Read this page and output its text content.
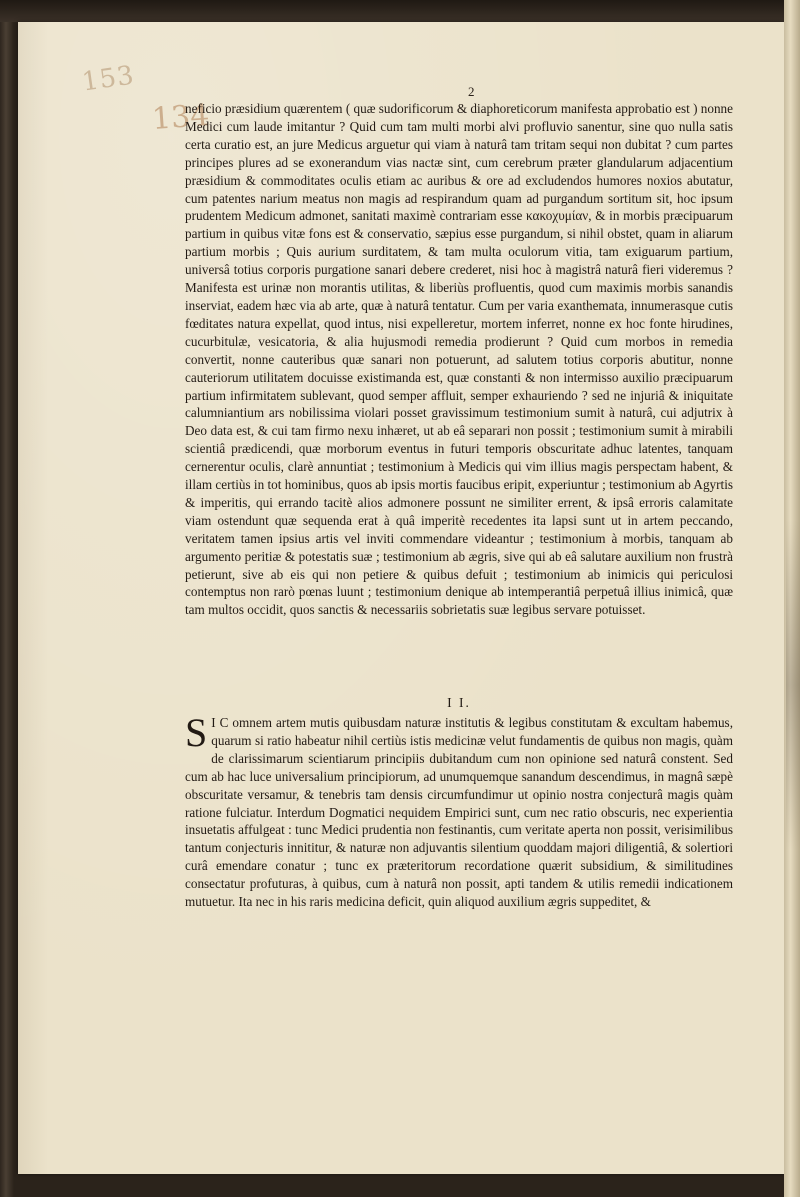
153
134
2

neficio præsidium quærentem ( quæ sudorificorum & diaphoreticorum manifesta approbatio est ) nonne Medici cum laude imitantur ? Quid cum tam multi morbi alvi profluvio sanentur, sine quo nulla satis certa curatio est, an jure Medicus arguetur qui viam à naturâ tam tritam sequi non dubitat ? cum partes principes plures ad se exonerandum vias nactæ sint, cum cerebrum præter glandularum adjacentium præsidium & commoditates oculis etiam ac auribus & ore ad excludendos humores noxios abutatur, cum patentes narium meatus non magis ad respirandum quam ad purgandum sortitum sit, hoc ipsum prudentem Medicum admonet, sanitati maximè contrariam esse κακοχυμίαν, & in morbis præcipuarum partium in quibus vitæ fons est & conservatio, sæpius esse purgandum, si nihil obstet, quam in aliarum partium morbis ; Quis aurium surditatem, & tam multa oculorum vitia, tam exiguarum partium, universâ totius corporis purgatione sanari debere crederet, nisi hoc à magistrâ naturâ fieri videremus ? Manifesta est urinæ non morantis utilitas, & liberiùs profluentis, quod cum maximis morbis sanandis inserviat, eadem hæc via ab arte, quæ à naturâ tentatur. Cum per varia exanthemata, innumerasque cutis fœditates natura expellat, quod intus, nisi expelleretur, mortem inferret, nonne ex hoc fonte hirudines, cucurbitulæ, vesicatoria, & alia hujusmodi remedia prodierunt ? Quid cum morbos in remedia convertit, nonne cauteribus quæ sanari non potuerunt, ad salutem totius corporis abutitur, nonne cauteriorum utilitatem docuisse existimanda est, quæ constanti & non intermisso auxilio præcipuarum partium infirmitatem sublevant, quod semper affluit, semper exhauriendo ? sed ne injuriâ & iniquitate calumniantium ars nobilissima violari posset gravissimum testimonium sumit à naturâ, cui adjutrix à Deo data est, & cui tam firmo nexu inhæret, ut ab eâ separari non possit ; testimonium sumit à mirabili scientiâ prædicendi, quæ morborum eventus in futuri temporis obscuritate adhuc latentes, tanquam cernerentur oculis, clarè annuntiat ; testimonium à Medicis qui vim illius magis perspectam habent, & illam certiùs in tot hominibus, quos ab ipsis mortis faucibus eripit, experiuntur ; testimonium ab Agyrtis & imperitis, qui errando tacitè alios admonere possunt ne similiter errent, & ipsâ erroris calamitate viam ostendunt quæ sequenda erat à quâ imperitè recedentes ita lapsi sunt ut in artem peccando, veritatem tamen ipsius artis vel inviti commendare videantur ; testimonium à morbis, tanquam ab argumento peritiæ & potestatis suæ ; testimonium ab ægris, sive qui ab eâ salutare auxilium non frustrà petierunt, sive ab eis qui non petiere & quibus defuit ; testimonium ab inimicis qui periculosi contemptus non rarò pœnas luunt ; testimonium denique ab intemperantiâ perpetuâ illius inimicâ, quæ tam multos occidit, quos sanctis & necessariis sobrietatis suæ legibus servare potuisset.

I I.
S I C omnem artem mutis quibusdam naturæ institutis & legibus constitutam & excultam habemus, quarum si ratio habeatur nihil certiùs istis medicinæ velut fundamentis de quibus non magis, quàm de clarissimarum scientiarum principiis dubitandum cum non opinione sed naturâ constent. Sed cum ab hac luce universalium principiorum, ad unumquemque sanandum descendimus, in magnâ sæpè obscuritate versamur, & tenebris tam densis circumfundimur ut opinio nostra conjecturâ magis quàm ratione fulciatur. Interdum Dogmatici nequidem Empirici sunt, cum nec ratio obscuris, nec experientia insuetatis affulgeat : tunc Medici prudentia non festinantis, cum veritate aperta non possit, verisimilibus tantum conjecturis innititur, & naturæ non adjuvantis silentium quoddam majori diligentiâ, & solertiori curâ emendare conatur ; tunc ex præteritorum recordatione quærit subsidium, & similitudines consectatur profuturas, à quibus, cum à naturâ non possit, apti tandem & utilis remedii indicationem mutuetur. Ita nec in his raris medicina deficit, quin aliquod auxilium ægris suppeditet, &
